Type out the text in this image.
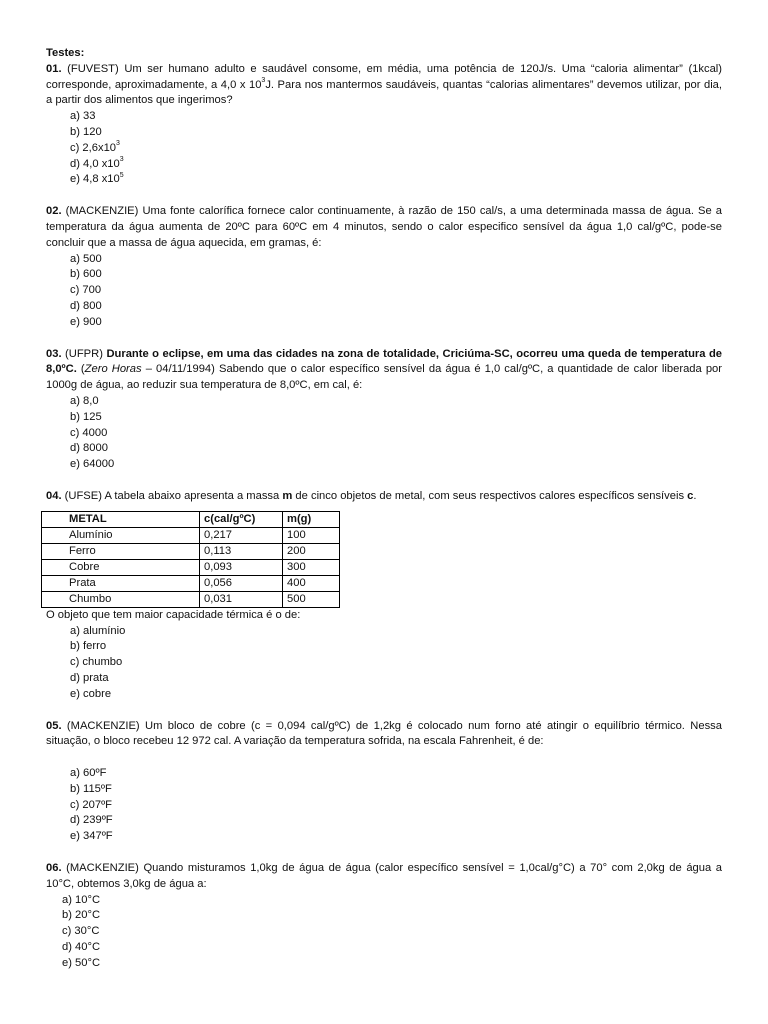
Testes:

01. (FUVEST) Um ser humano adulto e saudável consome, em média, uma potência de 120J/s. Uma “caloria alimentar” (1kcal) corresponde, aproximadamente, a 4,0 x $10^3J$. Para nos mantermos saudáveis, quantas “calorias alimentares” devemos utilizar, por dia, a partir dos alimentos que ingerimos?

a) 33
b) 120
c) $2,6x10^3$
d) 4,0 $x10^3$
e) 4,8 $x10^5$

02. (MACKENZIE) Uma fonte calorífica fornece calor continuamente, à razão de 150 cal/s, a uma determinada massa de água. Se a temperatura da água aumenta de 20ºC para 60ºC em 4 minutos, sendo o calor especifico sensível da água 1,0 cal/gºC, pode-se concluir que a massa de água aquecida, em gramas, é:

a) 500
b) 600
c) 700
d) 800
e) 900

03. (UFPR) Durante o eclipse, em uma das cidades na zona de totalidade, Criciúma-SC, ocorreu uma queda de temperatura de 8,0ºC. (Zero Horas – 04/11/1994) Sabendo que o calor específico sensível da água é 1,0 cal/gºC, a quantidade de calor liberada por 1000g de água, ao reduzir sua temperatura de 8,0ºC, em cal, é:

a) 8,0
b) 125
c) 4000
d) 8000
e) 64000

04. (UFSE) A tabela abaixo apresenta a massa m de cinco objetos de metal, com seus respectivos calores específicos sensíveis c.

METAL	c(cal/gºC)	m(g)
Alumínio	0,217	100
Ferro	0,113	200
Cobre	0,093	300
Prata	0,056	400
Chumbo	0,031	500
O objeto que tem maior capacidade térmica é o de:
a) alumínio
b) ferro
c) chumbo
d) prata
e) cobre

05. (MACKENZIE) Um bloco de cobre (c = 0,094 cal/gºC) de 1,2kg é colocado num forno até atingir o equilíbrio térmico. Nessa situação, o bloco recebeu 12 972 cal. A variação da temperatura sofrida, na escala Fahrenheit, é de:

a) 60ºF
b) 115ºF
c) 207ºF
d) 239ºF
e) 347ºF

06. (MACKENZIE) Quando misturamos 1,0kg de água de água (calor específico sensível = 1,0cal/g°C) a 70° com 2,0kg de água a 10°C, obtemos 3,0kg de água a:

a) 10°C
b) 20°C
c) 30°C
d) 40°C
e) 50°C
